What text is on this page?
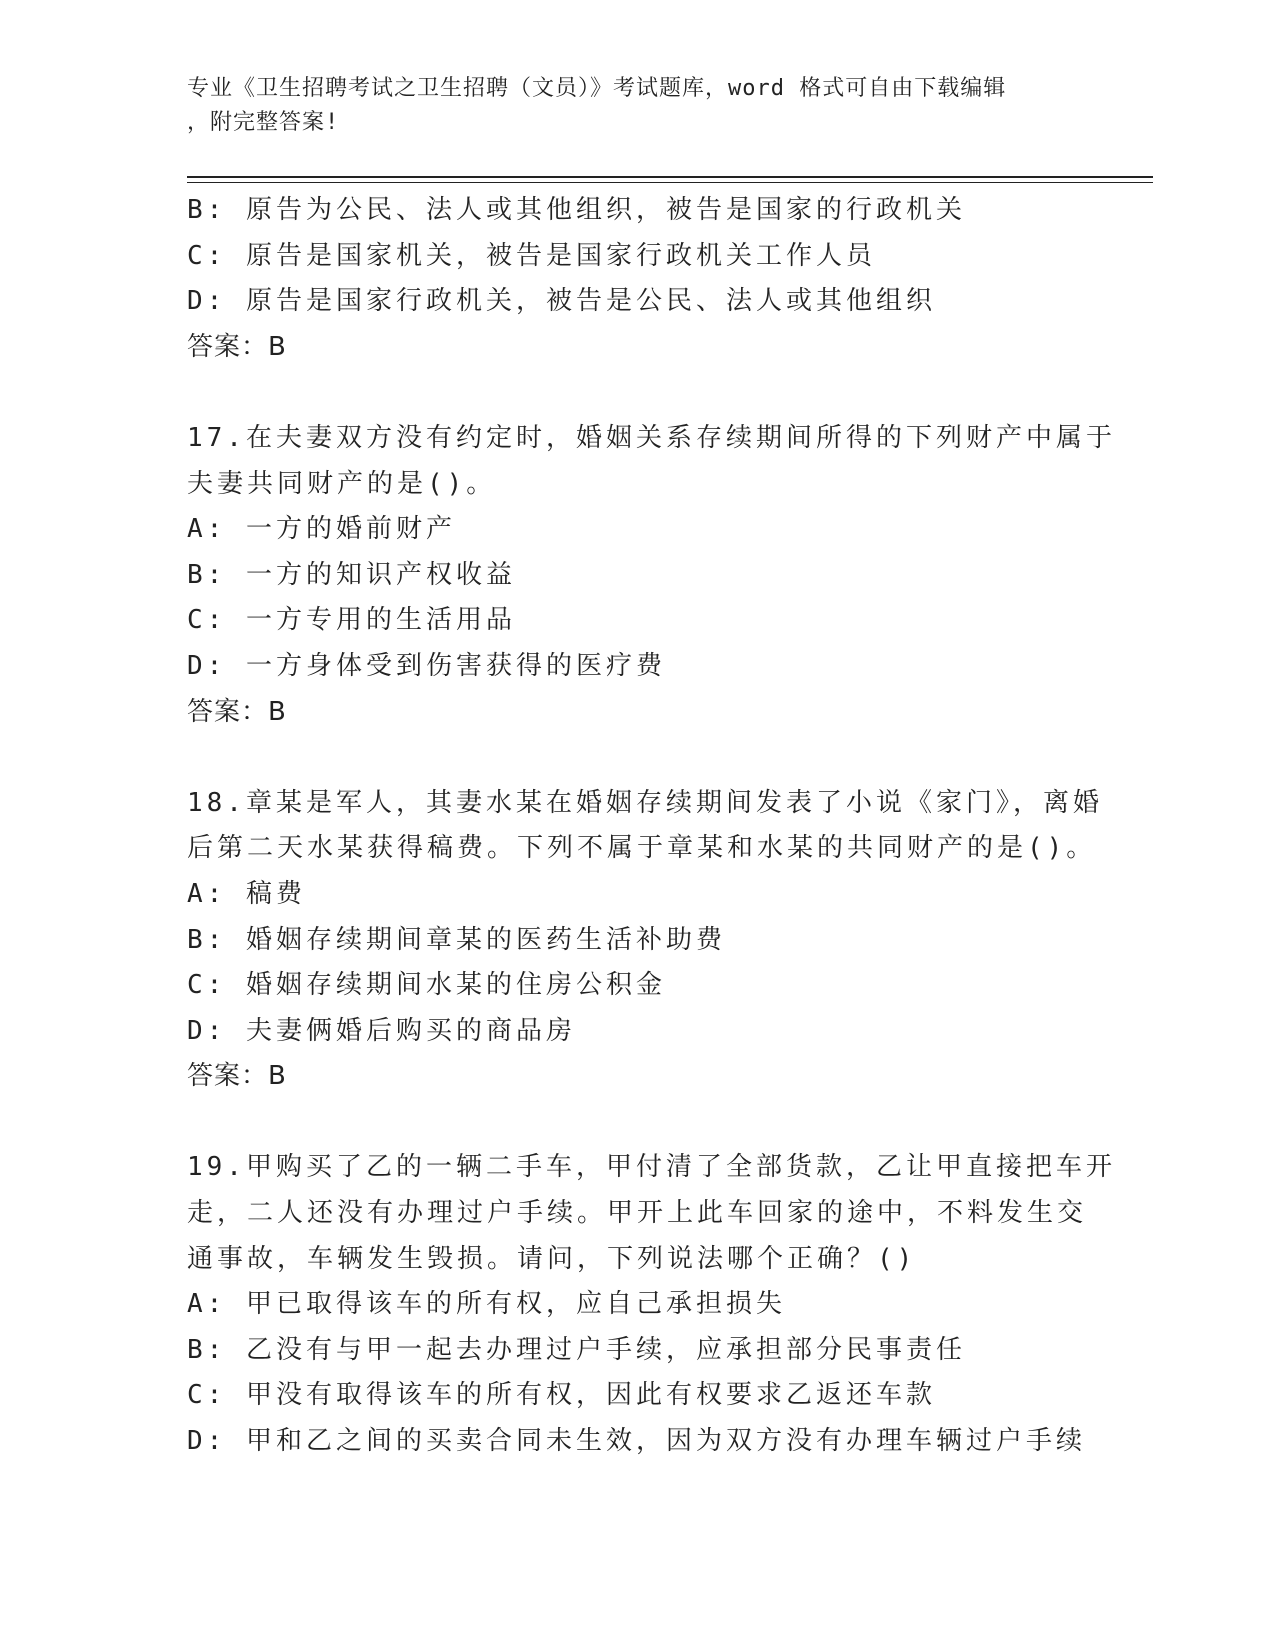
专业《卫生招聘考试之卫生招聘（文员）》考试题库，word 格式可自由下载编辑
，附完整答案!
B: 原告为公民、法人或其他组织，被告是国家的行政机关
C: 原告是国家机关，被告是国家行政机关工作人员
D: 原告是国家行政机关，被告是公民、法人或其他组织
答案：B
17.在夫妻双方没有约定时，婚姻关系存续期间所得的下列财产中属于
夫妻共同财产的是()。
A: 一方的婚前财产
B: 一方的知识产权收益
C: 一方专用的生活用品
D: 一方身体受到伤害获得的医疗费
答案：B
18.章某是军人，其妻水某在婚姻存续期间发表了小说《家门》，离婚
后第二天水某获得稿费。下列不属于章某和水某的共同财产的是()。
A: 稿费
B: 婚姻存续期间章某的医药生活补助费
C: 婚姻存续期间水某的住房公积金
D: 夫妻俩婚后购买的商品房
答案：B
19.甲购买了乙的一辆二手车，甲付清了全部货款，乙让甲直接把车开
走，二人还没有办理过户手续。甲开上此车回家的途中，不料发生交
通事故，车辆发生毁损。请问，下列说法哪个正确？()
A: 甲已取得该车的所有权，应自己承担损失
B: 乙没有与甲一起去办理过户手续，应承担部分民事责任
C: 甲没有取得该车的所有权，因此有权要求乙返还车款
D: 甲和乙之间的买卖合同未生效，因为双方没有办理车辆过户手续
